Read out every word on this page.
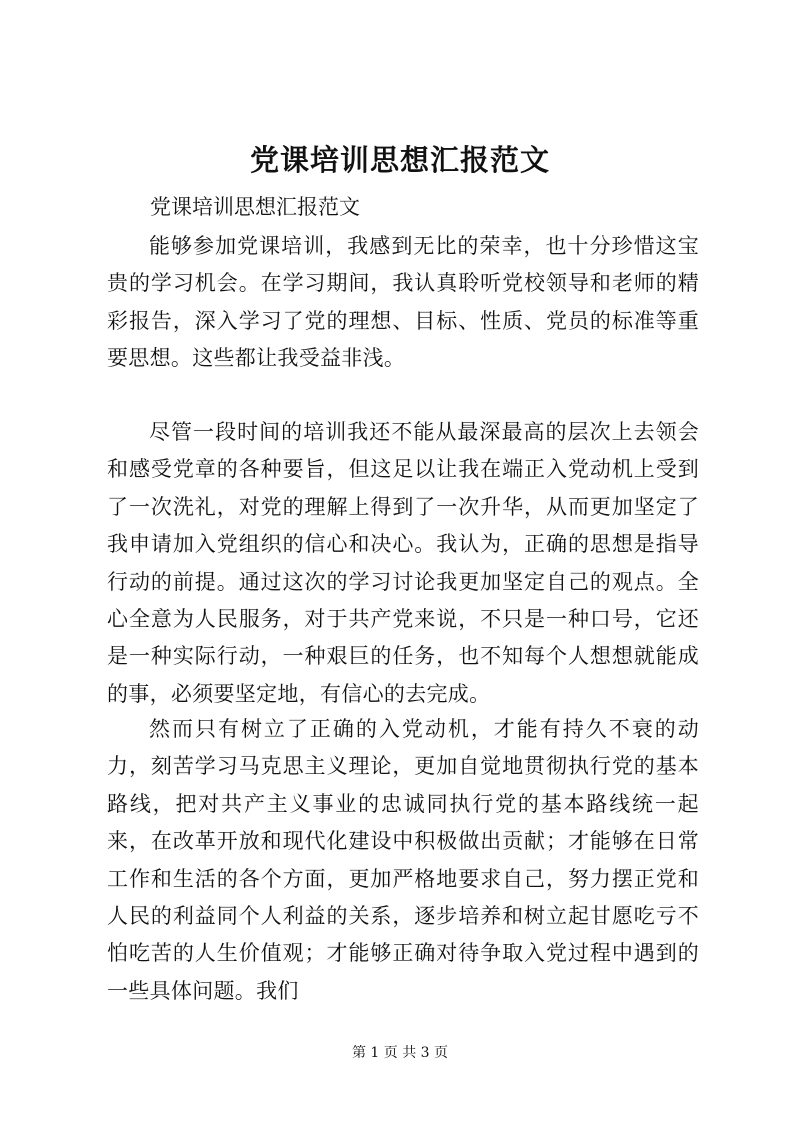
党课培训思想汇报范文
党课培训思想汇报范文
能够参加党课培训，我感到无比的荣幸，也十分珍惜这宝贵的学习机会。在学习期间，我认真聆听党校领导和老师的精彩报告，深入学习了党的理想、目标、性质、党员的标准等重要思想。这些都让我受益非浅。
尽管一段时间的培训我还不能从最深最高的层次上去领会和感受党章的各种要旨，但这足以让我在端正入党动机上受到了一次洗礼，对党的理解上得到了一次升华，从而更加坚定了我申请加入党组织的信心和决心。我认为，正确的思想是指导行动的前提。通过这次的学习讨论我更加坚定自己的观点。全心全意为人民服务，对于共产党来说，不只是一种口号，它还是一种实际行动，一种艰巨的任务，也不知每个人想想就能成的事，必须要坚定地，有信心的去完成。
然而只有树立了正确的入党动机，才能有持久不衰的动力，刻苦学习马克思主义理论，更加自觉地贯彻执行党的基本路线，把对共产主义事业的忠诚同执行党的基本路线统一起来，在改革开放和现代化建设中积极做出贡献；才能够在日常工作和生活的各个方面，更加严格地要求自己，努力摆正党和人民的利益同个人利益的关系，逐步培养和树立起甘愿吃亏不怕吃苦的人生价值观；才能够正确对待争取入党过程中遇到的一些具体问题。我们
第 1 页 共 3 页
